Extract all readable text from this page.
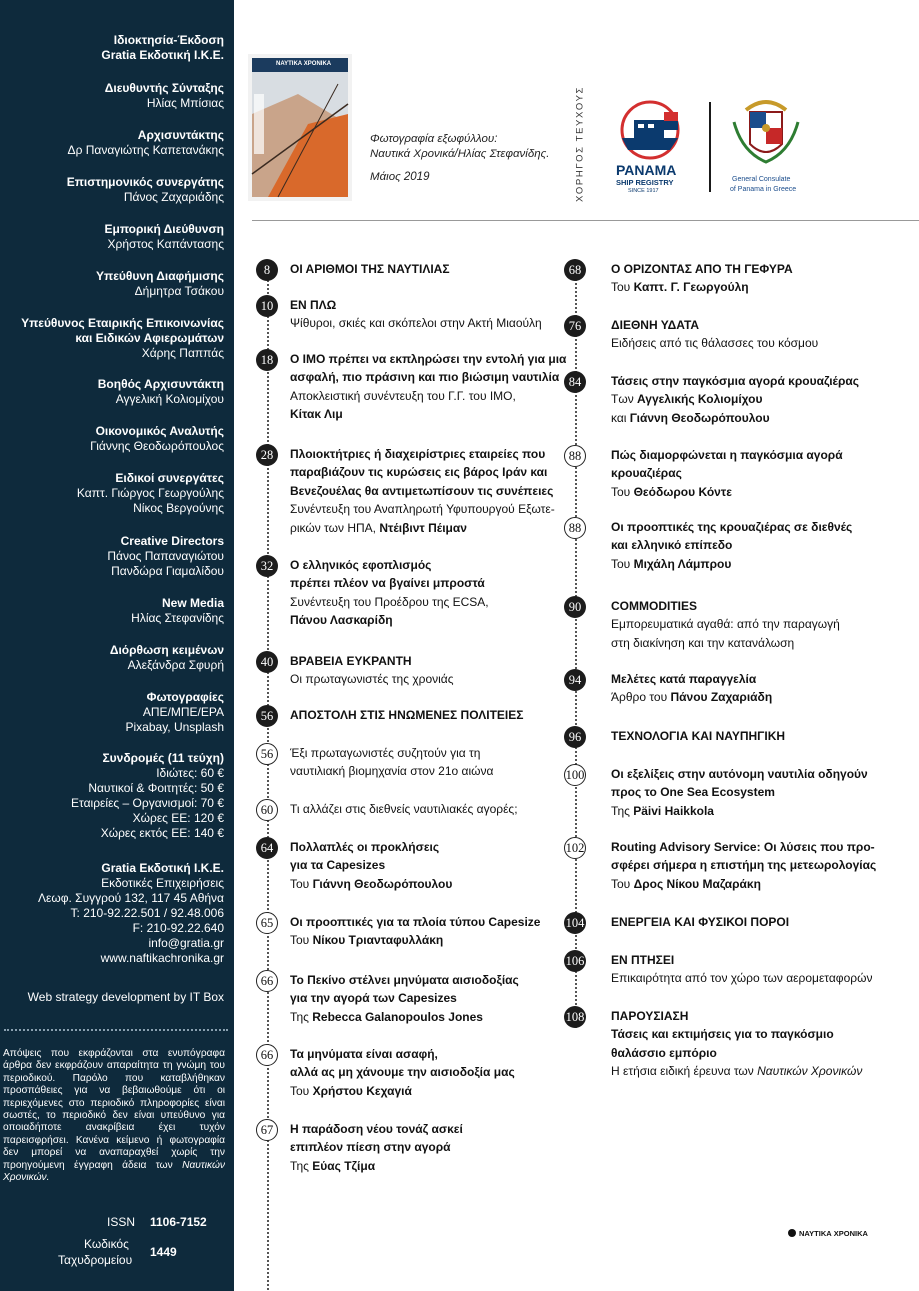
Ιδιοκτησία-Έκδοση
Gratia Εκδοτική Ι.Κ.Ε.
Διευθυντής Σύνταξης
Ηλίας Μπίσιας
Αρχισυντάκτης
Δρ Παναγιώτης Καπετανάκης
Επιστημονικός συνεργάτης
Πάνος Ζαχαριάδης
Εμπορική Διεύθυνση
Χρήστος Καπάντασης
Υπεύθυνη Διαφήμισης
Δήμητρα Τσάκου
Υπεύθυνος Εταιρικής Επικοινωνίας
και Ειδικών Αφιερωμάτων
Χάρης Παππάς
Βοηθός Αρχισυντάκτη
Αγγελική Κολιομίχου
Οικονομικός Αναλυτής
Γιάννης Θεοδωρόπουλος
Ειδικοί συνεργάτες
Καπτ. Γιώργος Γεωργούλης
Νίκος Βεργούνης
Creative Directors
Πάνος Παπαναγιώτου
Πανδώρα Γιαμαλίδου
New Media
Ηλίας Στεφανίδης
Διόρθωση κειμένων
Αλεξάνδρα Σφυρή
Φωτογραφίες
ΑΠΕ/ΜΠΕ/EPA
Pixabay, Unsplash
Συνδρομές (11 τεύχη)
Ιδιώτες: 60 €
Ναυτικοί & Φοιτητές: 50 €
Εταιρείες – Οργανισμοί: 70 €
Χώρες ΕΕ: 120 €
Χώρες εκτός ΕΕ: 140 €
Gratia Εκδοτική Ι.Κ.Ε.
Εκδοτικές Επιχειρήσεις
Λεωφ. Συγγρού 132, 117 45 Αθήνα
T: 210-92.22.501 / 92.48.006
F: 210-92.22.640
info@gratia.gr
www.naftikachronika.gr
Web strategy development by IT Box
Απόψεις που εκφράζονται στα ενυπόγραφα άρθρα δεν εκφράζουν απαραίτητα τη γνώμη του περιοδικού. Παρόλο που καταβλήθηκαν προσπάθειες για να βεβαιωθούμε ότι οι περιεχόμενες στο περιοδικό πληροφορίες είναι σωστές, το περιοδικό δεν είναι υπεύθυνο για οποιαδήποτε ανακρίβεια έχει τυχόν παρεισφρήσει. Κανένα κείμενο ή φωτογραφία δεν μπορεί να αναπαραχθεί χωρίς την προηγούμενη έγγραφη άδεια των Ναυτικών Χρονικών.
ISSN 1106-7152
Κωδικός
Ταχυδρομείου
1449
ΝΑΥΤΙΚΑ ΧΡΟΝΙΚΑ
Φωτογραφία εξωφύλλου:
Ναυτικά Χρονικά/Ηλίας Στεφανίδης.
Μάιος 2019	ΧΟΡΗΓΟΣ ΤΕΥΧΟΥΣ PANAMA
SHIP REGISTRY
SINCE 1917
General Consulate
of Panama in Greece
8	ΟΙ ΑΡΙΘΜΟΙ ΤΗΣ ΝΑΥΤΙΛΙΑΣ
10	ΕΝ ΠΛΩ
Ψίθυροι, σκιές και σκόπελοι στην Ακτή Μιαούλη
18	Ο ΙΜΟ πρέπει να εκπληρώσει την εντολή για μια
ασφαλή, πιο πράσινη και πιο βιώσιμη ναυτιλία
Αποκλειστική συνέντευξη του Γ.Γ. του ΙΜΟ,
Κίτακ Λιμ
28	Πλοιοκτήτριες ή διαχειρίστριες εταιρείες που
παραβιάζουν τις κυρώσεις εις βάρος Ιράν και
Βενεζουέλας θα αντιμετωπίσουν τις συνέπειες
Συνέντευξη του Αναπληρωτή Υφυπουργού Εξωτε-
ρικών των ΗΠΑ, Ντέιβιντ Πέιμαν
32	Ο ελληνικός εφοπλισμός
πρέπει πλέον να βγαίνει μπροστά
Συνέντευξη του Προέδρου της ECSA,
Πάνου Λασκαρίδη
40	ΒΡΑΒΕΙΑ ΕΥΚΡΑΝΤΗ
Οι πρωταγωνιστές της χρονιάς
56	ΑΠΟΣΤΟΛΗ ΣΤΙΣ ΗΝΩΜΕΝΕΣ ΠΟΛΙΤΕΙΕΣ
56	Έξι πρωταγωνιστές συζητούν για τη
ναυτιλιακή βιομηχανία στον 21ο αιώνα
60	Τι αλλάζει στις διεθνείς ναυτιλιακές αγορές;
64	Πολλαπλές οι προκλήσεις
για τα Capesizes
Του Γιάννη Θεοδωρόπουλου
65	Οι προοπτικές για τα πλοία τύπου Capesize
Του Νίκου Τριανταφυλλάκη
66	Το Πεκίνο στέλνει μηνύματα αισιοδοξίας
για την αγορά των Capesizes
Της Rebecca Galanopoulos Jones
66	Τα μηνύματα είναι ασαφή,
αλλά ας μη χάνουμε την αισιοδοξία μας
Του Χρήστου Κεχαγιά
67	Η παράδοση νέου τονάζ ασκεί
επιπλέον πίεση στην αγορά
Της Εύας Τζίμα
68	Ο ΟΡΙΖΟΝΤΑΣ ΑΠΟ ΤΗ ΓΕΦΥΡΑ
Του Καπτ. Γ. Γεωργούλη
76	ΔΙΕΘΝΗ ΥΔΑΤΑ
Ειδήσεις από τις θάλασσες του κόσμου
84	Τάσεις στην παγκόσμια αγορά κρουαζιέρας
Των Αγγελικής Κολιομίχου
και Γιάννη Θεοδωρόπουλου
88	Πώς διαμορφώνεται η παγκόσμια αγορά
κρουαζιέρας
Του Θεόδωρου Κόντε
88	Οι προοπτικές της κρουαζιέρας σε διεθνές
και ελληνικό επίπεδο
Του Μιχάλη Λάμπρου
90	COMMODITIES
Εμπορευματικά αγαθά: από την παραγωγή
στη διακίνηση και την κατανάλωση
94	Μελέτες κατά παραγγελία
Άρθρο του Πάνου Ζαχαριάδη
96	ΤΕΧΝΟΛΟΓΙΑ ΚΑΙ ΝΑΥΠΗΓΙΚΗ
100 Οι εξελίξεις στην αυτόνομη ναυτιλία οδηγούν
προς το One Sea Ecosystem
Της Päivi Haikkola
102 Routing Advisory Service: Οι λύσεις που προ-
σφέρει σήμερα η επιστήμη της μετεωρολογίας
Του Δρος Νίκου Μαζαράκη
104 ΕΝΕΡΓΕΙΑ ΚΑΙ ΦΥΣΙΚΟΙ ΠΟΡΟΙ
106 ΕΝ ΠΤΗΣΕΙ
Επικαιρότητα από τον χώρο των αερομεταφορών
108 ΠΑΡΟΥΣΙΑΣΗ
Τάσεις και εκτιμήσεις για το παγκόσμιο
θαλάσσιο εμπόριο
Η ετήσια ειδική έρευνα των Ναυτικών Χρονικών
ΝΑΥΤΙΚΑ ΧΡΟΝΙΚΑ
